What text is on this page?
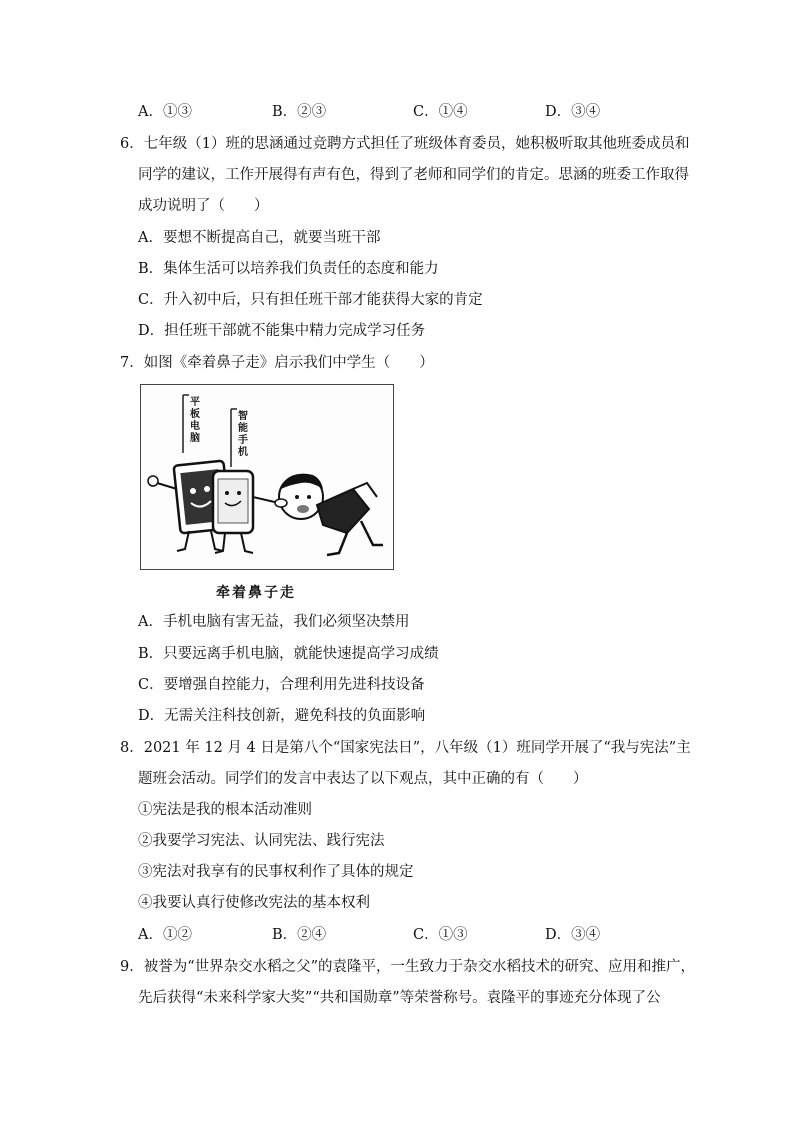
A．①③	B．②③	C．①④	D．③④
6．七年级（1）班的思涵通过竞聘方式担任了班级体育委员，她积极听取其他班委成员和
同学的建议，工作开展得有声有色，得到了老师和同学们的肯定。思涵的班委工作取得
成功说明了（　　）
A．要想不断提高自己，就要当班干部
B．集体生活可以培养我们负责任的态度和能力
C．升入初中后，只有担任班干部才能获得大家的肯定
D．担任班干部就不能集中精力完成学习任务
7．如图《牵着鼻子走》启示我们中学生（　　）
平板电脑
智能手机
牵着鼻子走
A．手机电脑有害无益，我们必须坚决禁用
B．只要远离手机电脑，就能快速提高学习成绩
C．要增强自控能力，合理利用先进科技设备
D．无需关注科技创新，避免科技的负面影响
8．2021 年 12 月 4 日是第八个“国家宪法日”，八年级（1）班同学开展了“我与宪法”主
题班会活动。同学们的发言中表达了以下观点，其中正确的有（　　）
①宪法是我的根本活动准则
②我要学习宪法、认同宪法、践行宪法
③宪法对我享有的民事权利作了具体的规定
④我要认真行使修改宪法的基本权利
A．①②	B．②④	C．①③	D．③④
9．被誉为“世界杂交水稻之父”的袁隆平，一生致力于杂交水稻技术的研究、应用和推广，
先后获得“未来科学家大奖”“共和国勋章”等荣誉称号。袁隆平的事迹充分体现了公
